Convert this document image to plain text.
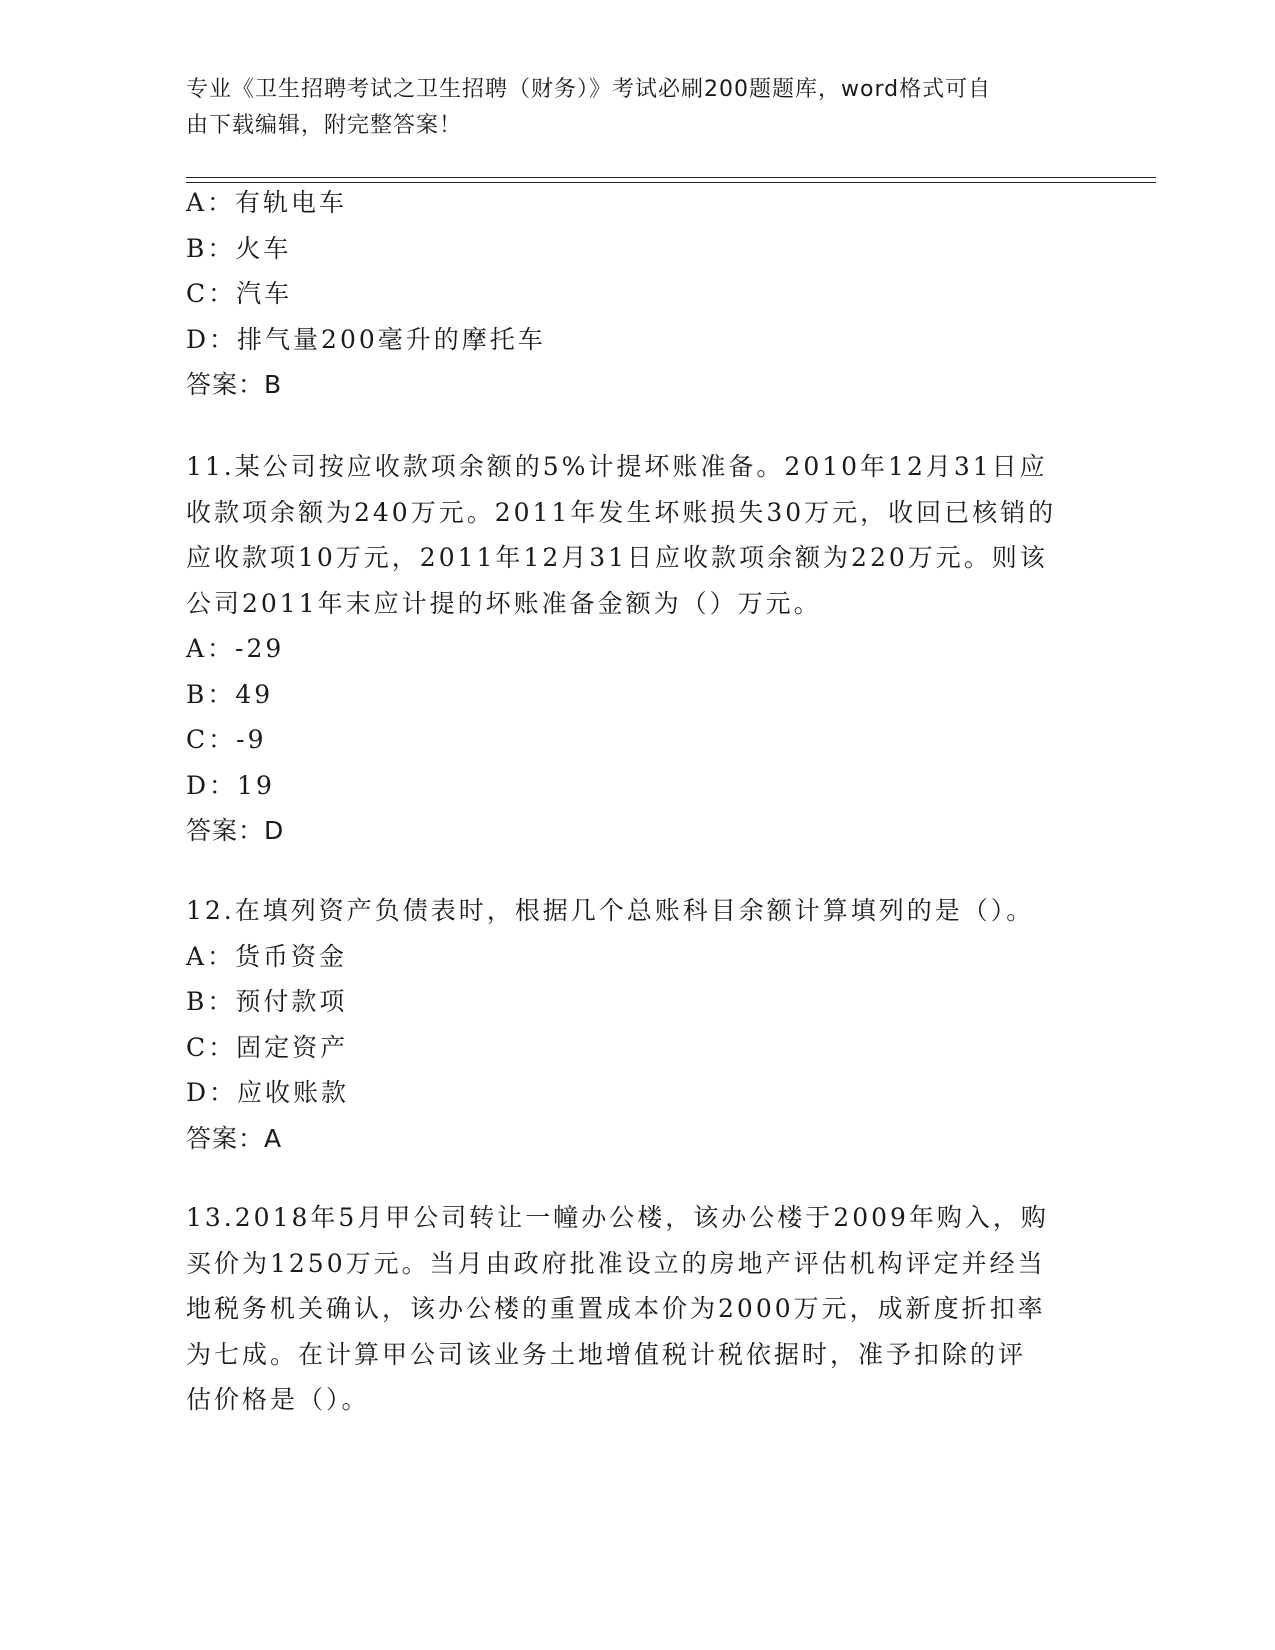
专业《卫生招聘考试之卫生招聘（财务）》考试必刷200题题库，word格式可自
由下载编辑，附完整答案！
A：有轨电车
B：火车
C：汽车
D：排气量200毫升的摩托车
答案：B
11.某公司按应收款项余额的5%计提坏账准备。2010年12月31日应
收款项余额为240万元。2011年发生坏账损失30万元，收回已核销的
应收款项10万元，2011年12月31日应收款项余额为220万元。则该
公司2011年末应计提的坏账准备金额为（）万元。
A：-29
B：49
C：-9
D：19
答案：D
12.在填列资产负债表时，根据几个总账科目余额计算填列的是（）。
A：货币资金
B：预付款项
C：固定资产
D：应收账款
答案：A
13.2018年5月甲公司转让一幢办公楼，该办公楼于2009年购入，购
买价为1250万元。当月由政府批准设立的房地产评估机构评定并经当
地税务机关确认，该办公楼的重置成本价为2000万元，成新度折扣率
为七成。在计算甲公司该业务土地增值税计税依据时，准予扣除的评
估价格是（）。
